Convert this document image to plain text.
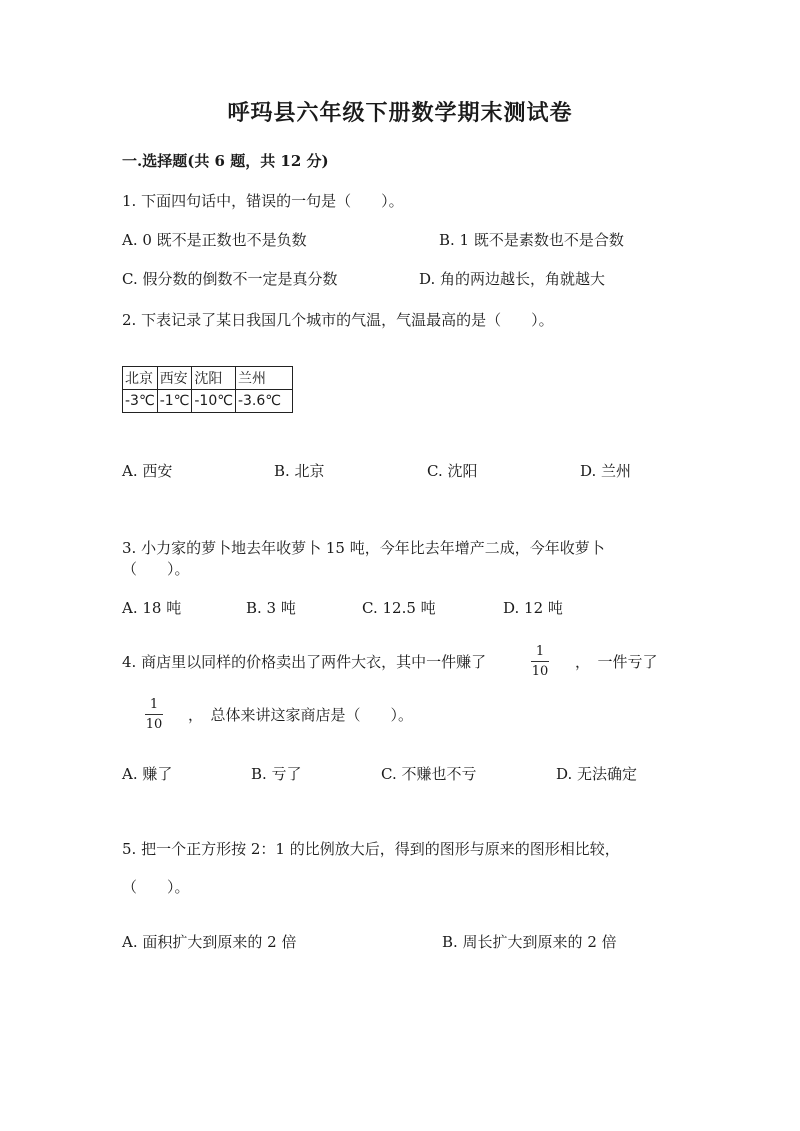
呼玛县六年级下册数学期末测试卷
一.选择题(共 6 题，共 12 分)
1. 下面四句话中，错误的一句是（　　）。
A. 0 既不是正数也不是负数	B. 1 既不是素数也不是合数
C. 假分数的倒数不一定是真分数	D. 角的两边越长，角就越大
2. 下表记录了某日我国几个城市的气温，气温最高的是（　　）。
北京	西安	沈阳	兰州
-3℃	-1℃	-10℃	-3.6℃
A. 西安	B. 北京	C. 沈阳	D. 兰州
3. 小力家的萝卜地去年收萝卜 15 吨，今年比去年增产二成，今年收萝卜
（　　）。
A. 18 吨	B. 3 吨	C. 12.5 吨	D. 12 吨
4. 商店里以同样的价格卖出了两件大衣，其中一件赚了
1
10
，　一件亏了
1
10
，　总体来讲这家商店是（　　）。
A. 赚了	B. 亏了	C. 不赚也不亏	D. 无法确定
5. 把一个正方形按 2：1 的比例放大后，得到的图形与原来的图形相比较，
（　　）。
A. 面积扩大到原来的 2 倍	B. 周长扩大到原来的 2 倍
